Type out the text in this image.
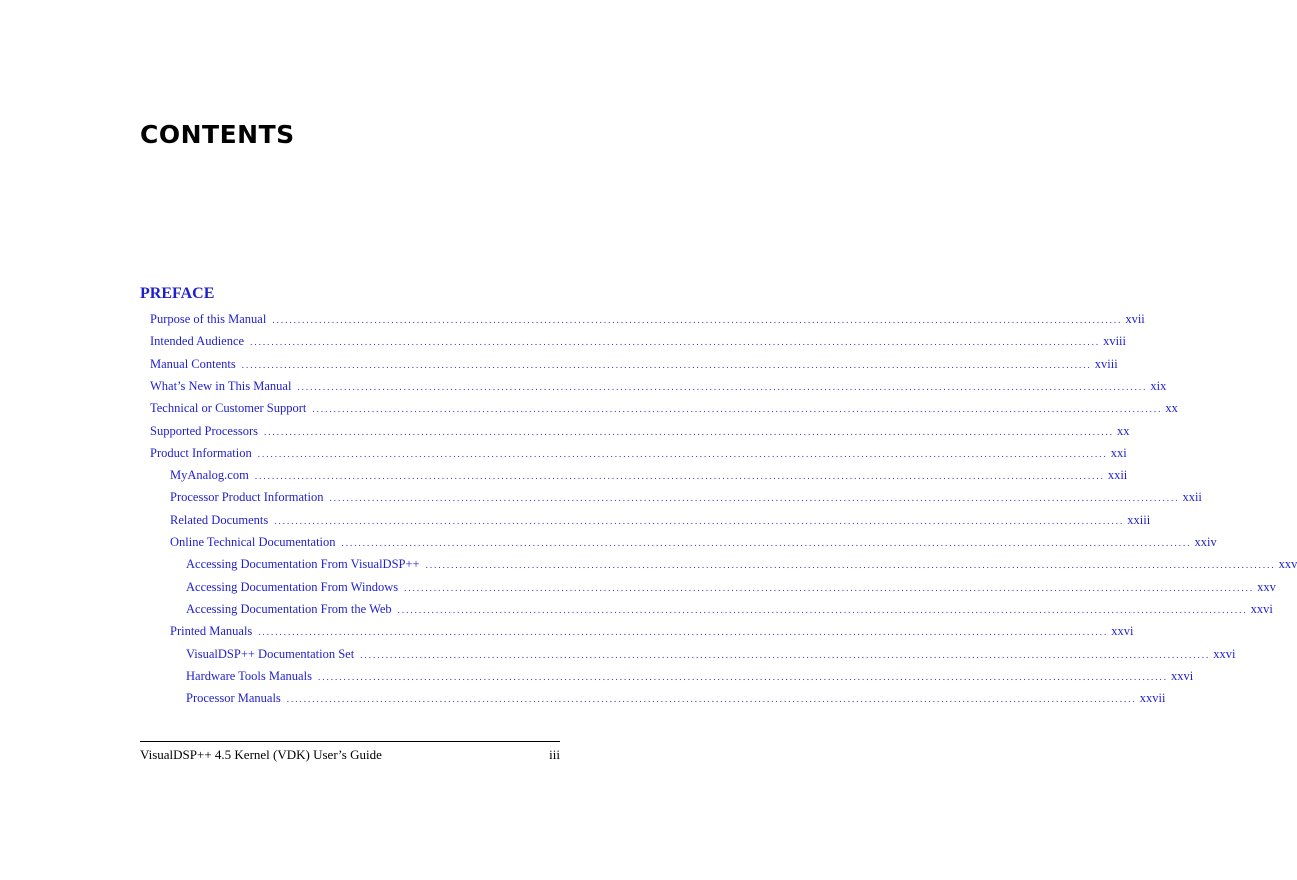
CONTENTS
PREFACE
Purpose of this Manual ........................................................................................................................................................................................................ xvii
Intended Audience ........................................................................................................................................................................................................ xviii
Manual Contents ........................................................................................................................................................................................................ xviii
What’s New in This Manual ........................................................................................................................................................................................................ xix
Technical or Customer Support ........................................................................................................................................................................................................ xx
Supported Processors ........................................................................................................................................................................................................ xx
Product Information ........................................................................................................................................................................................................ xxi
MyAnalog.com ........................................................................................................................................................................................................ xxii
Processor Product Information ........................................................................................................................................................................................................ xxii
Related Documents ........................................................................................................................................................................................................ xxiii
Online Technical Documentation ........................................................................................................................................................................................................ xxiv
Accessing Documentation From VisualDSP++ ........................................................................................................................................................................................................ xxv
Accessing Documentation From Windows ........................................................................................................................................................................................................ xxv
Accessing Documentation From the Web ........................................................................................................................................................................................................ xxvi
Printed Manuals ........................................................................................................................................................................................................ xxvi
VisualDSP++ Documentation Set ........................................................................................................................................................................................................ xxvi
Hardware Tools Manuals ........................................................................................................................................................................................................ xxvi
Processor Manuals ........................................................................................................................................................................................................ xxvii
VisualDSP++ 4.5 Kernel (VDK) User’s Guide	iii
